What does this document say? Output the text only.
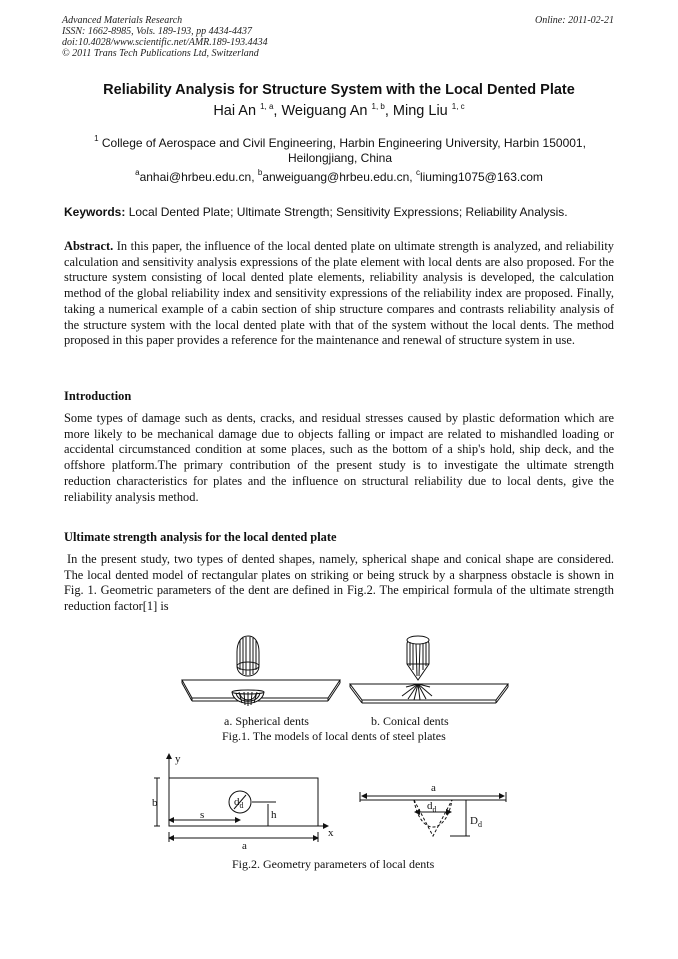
Advanced Materials Research
ISSN: 1662-8985, Vols. 189-193, pp 4434-4437
doi:10.4028/www.scientific.net/AMR.189-193.4434
© 2011 Trans Tech Publications Ltd, Switzerland
Online: 2011-02-21
Reliability Analysis for Structure System with the Local Dented Plate
Hai An $^{1, a}$, Weiguang An $^{1, b}$, Ming Liu $^{1, c}$
$^1$ College of Aerospace and Civil Engineering, Harbin Engineering University, Harbin 150001, Heilongjiang, China
$^a$anhai@hrbeu.edu.cn, $^b$anweiguang@hrbeu.edu.cn, $^c$liuming1075@163.com
Keywords: Local Dented Plate; Ultimate Strength; Sensitivity Expressions; Reliability Analysis.
Abstract. In this paper, the influence of the local dented plate on ultimate strength is analyzed, and reliability calculation and sensitivity analysis expressions of the plate element with local dents are also proposed. For the structure system consisting of local dented plate elements, reliability analysis is developed, the calculation method of the global reliability index and sensitivity expressions of the reliability index are proposed. Finally, taking a numerical example of a cabin section of ship structure compares and contrasts reliability analysis of the structure system with the local dented plate with that of the system without the local dents. The method proposed in this paper provides a reference for the maintenance and renewal of structure system in use.
Introduction
Some types of damage such as dents, cracks, and residual stresses caused by plastic deformation which are more likely to be mechanical damage due to objects falling or impact are related to mishandled loading or accidental circumstanced condition at some places, such as the bottom of a ship's hold, ship deck, and the offshore platform.The primary contribution of the present study is to investigate the ultimate strength reduction characteristics for plates and the influence on structural reliability due to local dents, give the reliability analysis method.
Ultimate strength analysis for the local dented plate
In the present study, two types of dented shapes, namely, spherical shape and conical shape are considered. The local dented model of rectangular plates on striking or being struck by a sharpness obstacle is shown in Fig. 1. Geometric parameters of the dent are defined in Fig.2. The empirical formula of the ultimate strength reduction factor[1] is
a. Spherical dents	b. Conical dents
Fig.1. The models of local dents of steel plates
y
x
b
s	h
a
$d_d$
a
$d_d$
$D_d$
Fig.2. Geometry parameters of local dents
